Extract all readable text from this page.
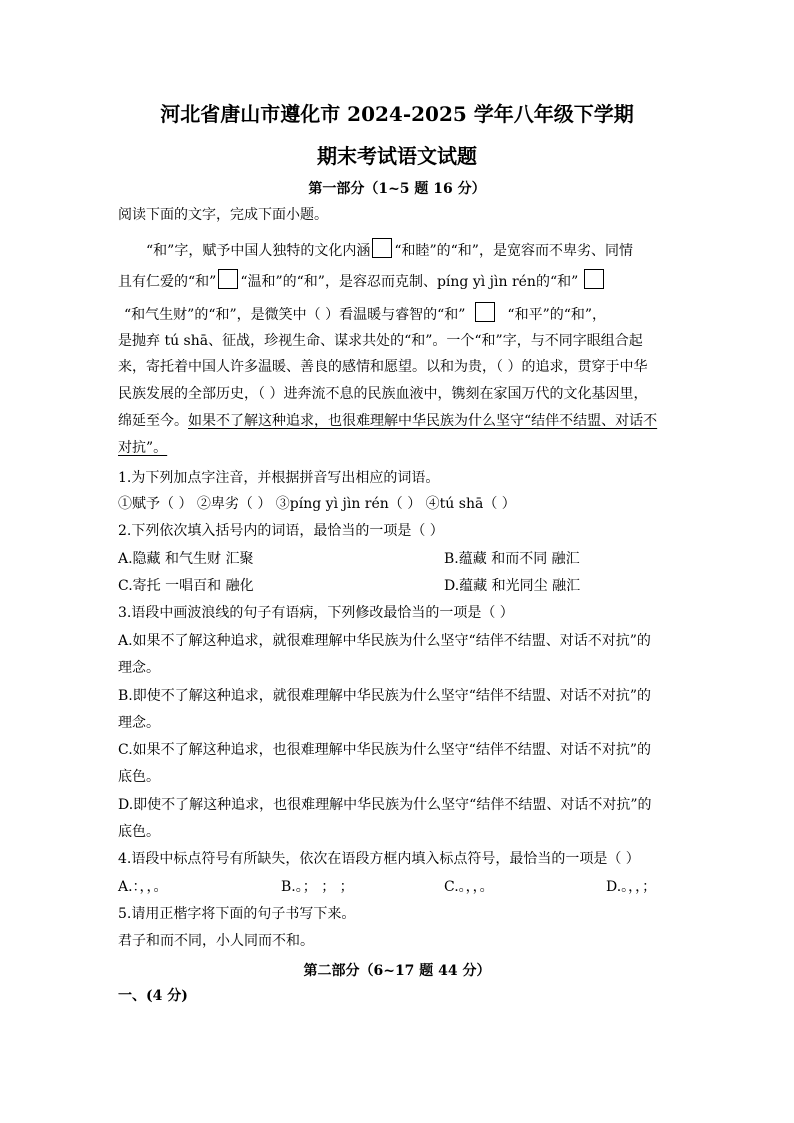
河北省唐山市遵化市 2024-2025 学年八年级下学期
期末考试语文试题
第一部分（1~5 题 16 分）
阅读下面的文字，完成下面小题。
“和”字，赋予中国人独特的文化内涵 “和睦”的“和”，是宽容而不卑劣、同情
且有仁爱的“和” “温和”的“和”，是容忍而克制、píng yì jìn rén的“和”
“和气生财”的“和”，是微笑中（ ）看温暖与睿智的“和”	“和平”的“和”，
是抛弃 tú shā、征战，珍视生命、谋求共处的“和”。一个“和”字，与不同字眼组合起
来，寄托着中国人许多温暖、善良的感情和愿望。以和为贵，（ ）的追求，贯穿于中华
民族发展的全部历史，（ ）进奔流不息的民族血液中，镌刻在家国万代的文化基因里，
绵延至今。如果不了解这种追求，也很难理解中华民族为什么坚守“结伴不结盟、对话不
对抗”。
1.为下列加点字注音，并根据拼音写出相应的词语。
①赋予（ ） ②卑劣（ ） ③píng yì jìn rén（ ） ④tú shā（ ）
2.下列依次填入括号内的词语，最恰当的一项是（ ）
A.隐藏 和气生财 汇聚	B.蕴藏 和而不同 融汇
C.寄托 一唱百和 融化	D.蕴藏 和光同尘 融汇
3.语段中画波浪线的句子有语病，下列修改最恰当的一项是（ ）
A.如果不了解这种追求，就很难理解中华民族为什么坚守“结伴不结盟、对话不对抗”的
理念。
B.即使不了解这种追求，就很难理解中华民族为什么坚守“结伴不结盟、对话不对抗”的
理念。
C.如果不了解这种追求，也很难理解中华民族为什么坚守“结伴不结盟、对话不对抗”的
底色。
D.即使不了解这种追求，也很难理解中华民族为什么坚守“结伴不结盟、对话不对抗”的
底色。
4.语段中标点符号有所缺失，依次在语段方框内填入标点符号，最恰当的一项是（ ）
A.：，，。	B.。； ； ；	C.。，，。	D.。，，；
5.请用正楷字将下面的句子书写下来。
君子和而不同，小人同而不和。
第二部分（6~17 题 44 分）
一、(4 分)
